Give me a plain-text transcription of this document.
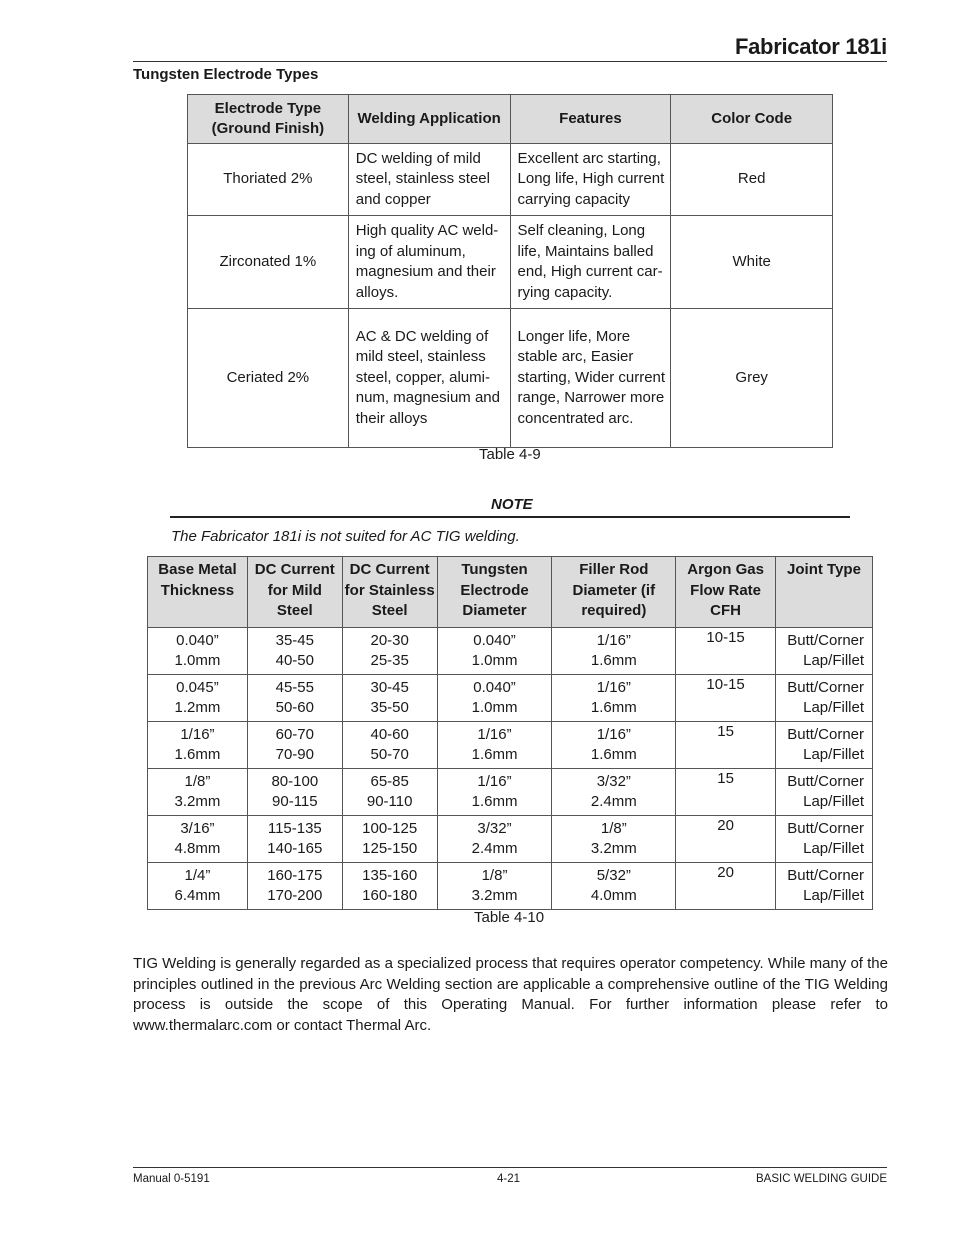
Fabricator 181i
Tungsten Electrode Types
Electrode Type
(Ground Finish)	Welding Application	Features	Color Code
Thoriated 2%	DC welding of mild
steel, stainless steel
and copper	Excellent arc starting,
Long life, High current
carrying capacity	Red
Zirconated 1%	High quality AC weld-
ing of aluminum,
magnesium and their
alloys.	Self cleaning, Long
life, Maintains balled
end, High current car-
rying capacity.	White
Ceriated 2%	AC & DC welding of
mild steel, stainless
steel, copper, alumi-
num, magnesium and
their alloys	Longer life, More
stable arc, Easier
starting, Wider current
range, Narrower more
concentrated arc.	Grey
Table 4-9
NOTE
The Fabricator 181i is not suited for AC TIG welding.
Base Metal
Thickness	DC Current
for Mild
Steel	DC Current
for Stainless
Steel	Tungsten
Electrode
Diameter	Filler Rod
Diameter (if
required)	Argon Gas
Flow Rate
CFH	Joint Type
0.040”
1.0mm	35-45
40-50	20-30
25-35	0.040”
1.0mm	1/16”
1.6mm	10-15	Butt/Corner
Lap/Fillet
0.045”
1.2mm	45-55
50-60	30-45
35-50	0.040”
1.0mm	1/16”
1.6mm	10-15	Butt/Corner
Lap/Fillet
1/16”
1.6mm	60-70
70-90	40-60
50-70	1/16”
1.6mm	1/16”
1.6mm	15	Butt/Corner
Lap/Fillet
1/8”
3.2mm	80-100
90-115	65-85
90-110	1/16”
1.6mm	3/32”
2.4mm	15	Butt/Corner
Lap/Fillet
3/16”
4.8mm	115-135
140-165	100-125
125-150	3/32”
2.4mm	1/8”
3.2mm	20	Butt/Corner
Lap/Fillet
1/4”
6.4mm	160-175
170-200	135-160
160-180	1/8”
3.2mm	5/32”
4.0mm	20	Butt/Corner
Lap/Fillet
Table 4-10
TIG Welding is generally regarded as a specialized process that requires operator competency. While many of the principles outlined in the previous Arc Welding section are applicable a comprehensive outline of the TIG Welding process is outside the scope of this Operating Manual. For further information please refer to www.thermalarc.com or contact Thermal Arc.
Manual 0-5191	4-21	BASIC WELDING GUIDE
